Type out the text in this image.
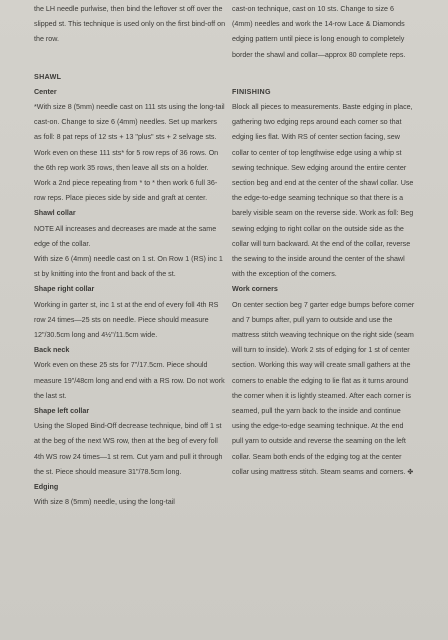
the LH needle purlwise, then bind the leftover st off over the slipped st. This technique is used only on the first bind-off on the row.

SHAWL

Center

*With size 8 (5mm) needle cast on 111 sts using the long-tail cast-on. Change to size 6 (4mm) needles. Set up markers as foll: 8 pat reps of 12 sts + 13 "plus" sts + 2 selvage sts. Work even on these 111 sts* for 5 row reps of 36 rows. On the 6th rep work 35 rows, then leave all sts on a holder. Work a 2nd piece repeating from * to * then work 6 full 36-row reps. Place pieces side by side and graft at center.

Shawl collar

NOTE All increases and decreases are made at the same edge of the collar.

With size 6 (4mm) needle cast on 1 st. On Row 1 (RS) inc 1 st by knitting into the front and back of the st.

Shape right collar

Working in garter st, inc 1 st at the end of every foll 4th RS row 24 times—25 sts on needle. Piece should measure 12"/30.5cm long and 4½"/11.5cm wide.

Back neck

Work even on these 25 sts for 7"/17.5cm. Piece should measure 19"/48cm long and end with a RS row. Do not work the last st.

Shape left collar

Using the Sloped Bind-Off decrease technique, bind off 1 st at the beg of the next WS row, then at the beg of every foll 4th WS row 24 times—1 st rem. Cut yarn and pull it through the st. Piece should measure 31"/78.5cm long.

Edging

With size 8 (5mm) needle, using the long-tail

cast-on technique, cast on 10 sts. Change to size 6 (4mm) needles and work the 14-row Lace & Diamonds edging pattern until piece is long enough to completely border the shawl and collar—approx 80 complete reps.

FINISHING

Block all pieces to measurements. Baste edging in place, gathering two edging reps around each corner so that edging lies flat. With RS of center section facing, sew collar to center of top lengthwise edge using a whip st sewing technique. Sew edging around the entire center section beg and end at the center of the shawl collar. Use the edge-to-edge seaming technique so that there is a barely visible seam on the reverse side. Work as foll: Beg sewing edging to right collar on the outside side as the collar will turn backward. At the end of the collar, reverse the sewing to the inside around the center of the shawl with the exception of the corners.

Work corners

On center section beg 7 garter edge bumps before corner and 7 bumps after, pull yarn to outside and use the mattress stitch weaving technique on the right side (seam will turn to inside). Work 2 sts of edging for 1 st of center section. Working this way will create small gathers at the corners to enable the edging to lie flat as it turns around the corner when it is lightly steamed. After each corner is seamed, pull the yarn back to the inside and continue using the edge-to-edge seaming technique. At the end pull yarn to outside and reverse the seaming on the left collar. Seam both ends of the edging tog at the center collar using mattress stitch. Steam seams and corners. ✤
